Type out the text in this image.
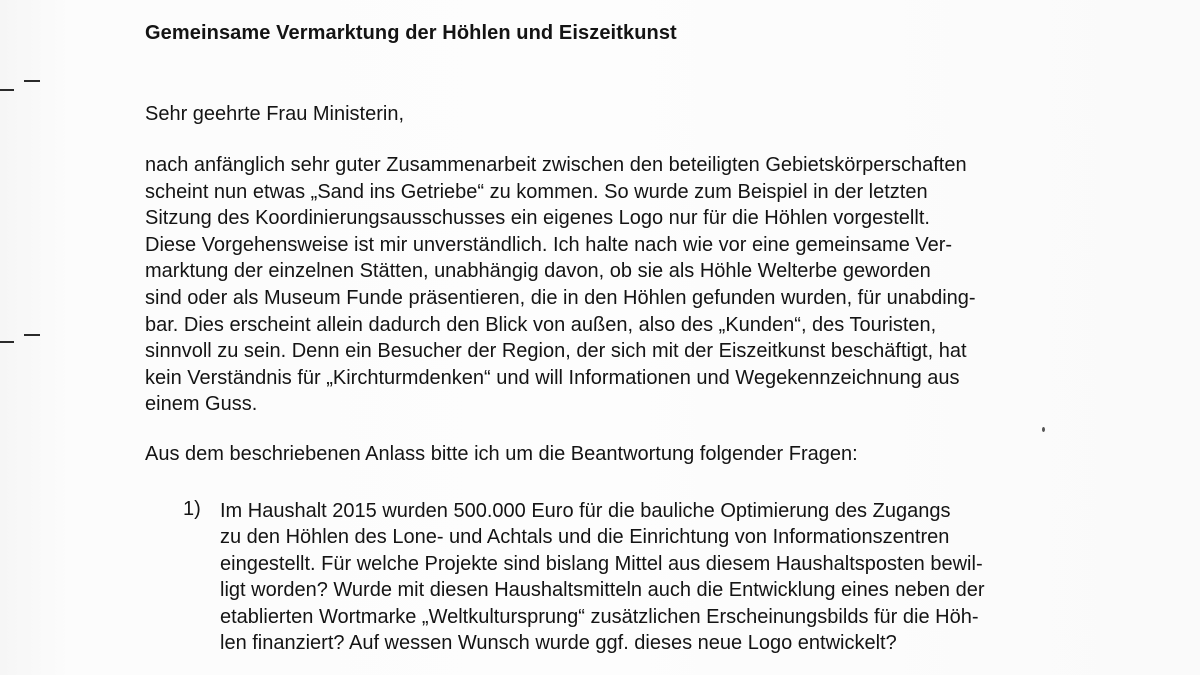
Gemeinsame Vermarktung der Höhlen und Eiszeitkunst
Sehr geehrte Frau Ministerin,

nach anfänglich sehr guter Zusammenarbeit zwischen den beteiligten Gebietskörperschaften
scheint nun etwas „Sand ins Getriebe“ zu kommen. So wurde zum Beispiel in der letzten
Sitzung des Koordinierungsausschusses ein eigenes Logo nur für die Höhlen vorgestellt.
Diese Vorgehensweise ist mir unverständlich. Ich halte nach wie vor eine gemeinsame Ver-
marktung der einzelnen Stätten, unabhängig davon, ob sie als Höhle Welterbe geworden
sind oder als Museum Funde präsentieren, die in den Höhlen gefunden wurden, für unabding-
bar. Dies erscheint allein dadurch den Blick von außen, also des „Kunden“, des Touristen,
sinnvoll zu sein. Denn ein Besucher der Region, der sich mit der Eiszeitkunst beschäftigt, hat
kein Verständnis für „Kirchturmdenken“ und will Informationen und Wegekennzeichnung aus
einem Guss.

Aus dem beschriebenen Anlass bitte ich um die Beantwortung folgender Fragen:
1) Im Haushalt 2015 wurden 500.000 Euro für die bauliche Optimierung des Zugangs
zu den Höhlen des Lone- und Achtals und die Einrichtung von Informationszentren
eingestellt. Für welche Projekte sind bislang Mittel aus diesem Haushaltsposten bewil-
ligt worden? Wurde mit diesen Haushaltsmitteln auch die Entwicklung eines neben der
etablierten Wortmarke „Weltkultursprung“ zusätzlichen Erscheinungsbilds für die Höh-
len finanziert? Auf wessen Wunsch wurde ggf. dieses neue Logo entwickelt?
